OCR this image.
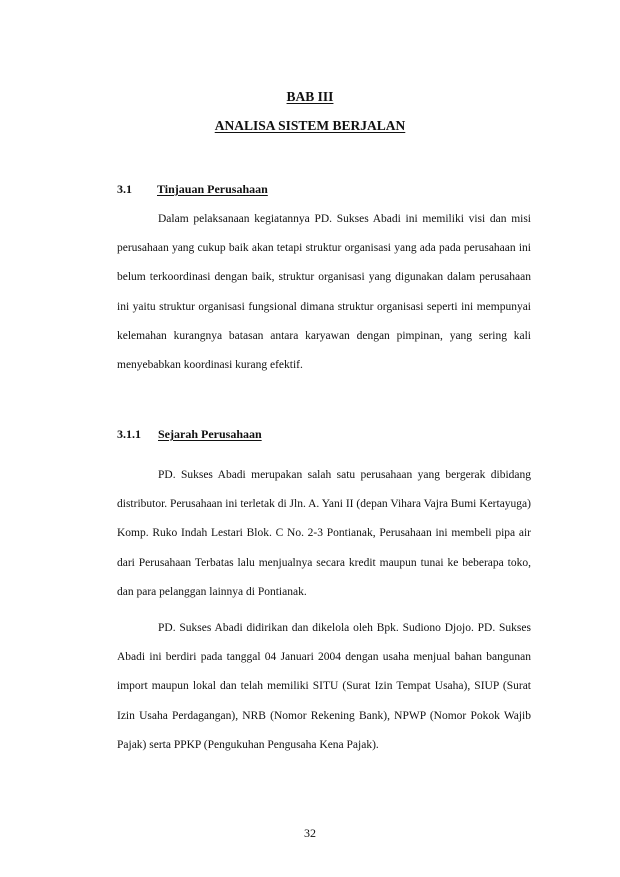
BAB III
ANALISA SISTEM BERJALAN
3.1 Tinjauan Perusahaan

Dalam pelaksanaan kegiatannya PD. Sukses Abadi ini memiliki visi dan misi perusahaan yang cukup baik akan tetapi struktur organisasi yang ada pada perusahaan ini belum terkoordinasi dengan baik, struktur organisasi yang digunakan dalam perusahaan ini yaitu struktur organisasi fungsional dimana struktur organisasi seperti ini mempunyai kelemahan kurangnya batasan antara karyawan dengan pimpinan, yang sering kali menyebabkan koordinasi kurang efektif.

3.1.1 Sejarah Perusahaan

PD. Sukses Abadi merupakan salah satu perusahaan yang bergerak dibidang distributor. Perusahaan ini terletak di Jln. A. Yani II (depan Vihara Vajra Bumi Kertayuga) Komp. Ruko Indah Lestari Blok. C No. 2-3 Pontianak, Perusahaan ini membeli pipa air dari Perusahaan Terbatas lalu menjualnya secara kredit maupun tunai ke beberapa toko, dan para pelanggan lainnya di Pontianak.

PD. Sukses Abadi didirikan dan dikelola oleh Bpk. Sudiono Djojo. PD. Sukses Abadi ini berdiri pada tanggal 04 Januari 2004 dengan usaha menjual bahan bangunan import maupun lokal dan telah memiliki SITU (Surat Izin Tempat Usaha), SIUP (Surat Izin Usaha Perdagangan), NRB (Nomor Rekening Bank), NPWP (Nomor Pokok Wajib Pajak) serta PPKP (Pengukuhan Pengusaha Kena Pajak).

32
